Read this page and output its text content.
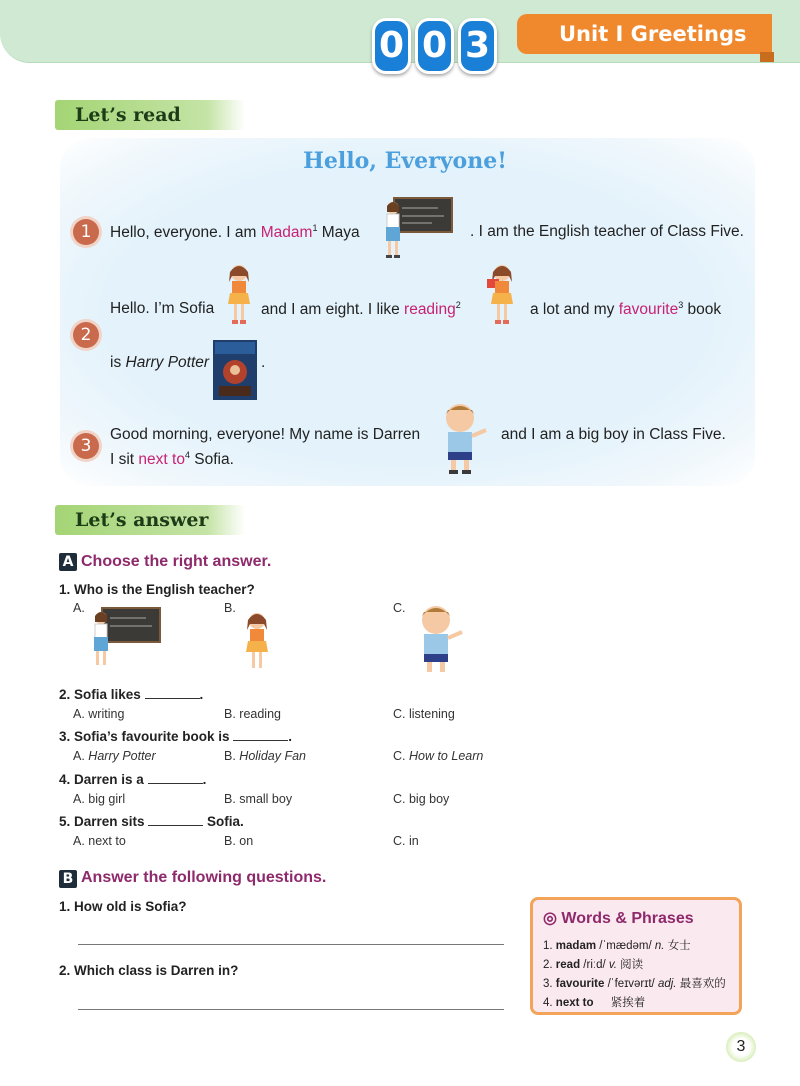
0 0 3	Unit I Greetings
Let’s read
Hello, Everyone!
1	Hello, everyone. I am Madam$^1$ Maya	. I am the English teacher of Class Five.
2
Hello. I’m Sofia	and I am eight. I like reading$^2$	a lot and my favourite$^3$ book
is Harry Potter	.
3
Good morning, everyone! My name is Darren	and I am a big boy in Class Five.
I sit next $to^4$ Sofia.
Let’s answer
A Choose the right answer.
1. Who is the English teacher?
A.	B.	C.
2. Sofia likes	.
A. writing	B. reading	C. listening
3. Sofia’s favourite book is	.
A. Harry Potter	B. Holiday Fan	C. How to Learn
4. Darren is a	.
A. big girl	B. small boy	C. big boy
5. Darren sits	Sofia.
A. next to	B. on	C. in
B Answer the following questions.
1. How old is Sofia?
2. Which class is Darren in?
◎ Words & Phrases
1. madam /ˈmædəm/ n. 女士
2. read /riːd/ v. 阅读
3. favourite /ˈfeɪvərɪt/ adj. 最喜欢的
4. next to 紧挨着
3
